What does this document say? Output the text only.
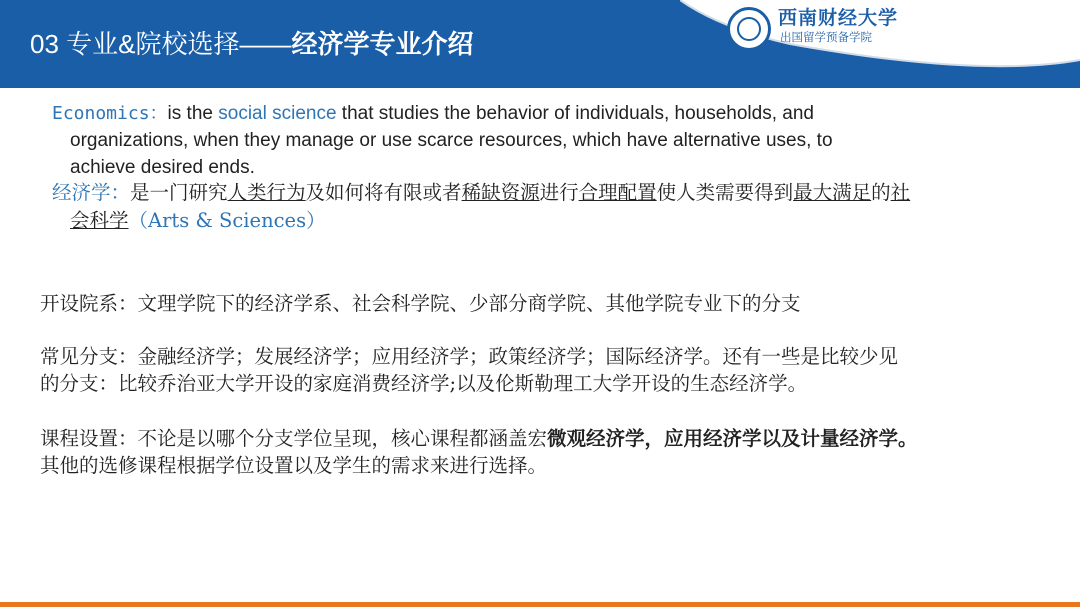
03 专业&院校选择——经济学专业介绍
西南财经大学
出国留学预备学院
Economics：is the social science that studies the behavior of individuals, households, and
organizations, when they manage or use scarce resources, which have alternative uses, to
achieve desired ends.
经济学：是一门研究人类行为及如何将有限或者稀缺资源进行合理配置使人类需要得到最大满足的社
会科学（Arts & Sciences）
开设院系：文理学院下的经济学系、社会科学院、少部分商学院、其他学院专业下的分支
常见分支：金融经济学；发展经济学；应用经济学；政策经济学；国际经济学。还有一些是比较少见
的分支：比较乔治亚大学开设的家庭消费经济学;以及伦斯勒理工大学开设的生态经济学。
课程设置：不论是以哪个分支学位呈现，核心课程都涵盖宏微观经济学，应用经济学以及计量经济学。
其他的选修课程根据学位设置以及学生的需求来进行选择。
